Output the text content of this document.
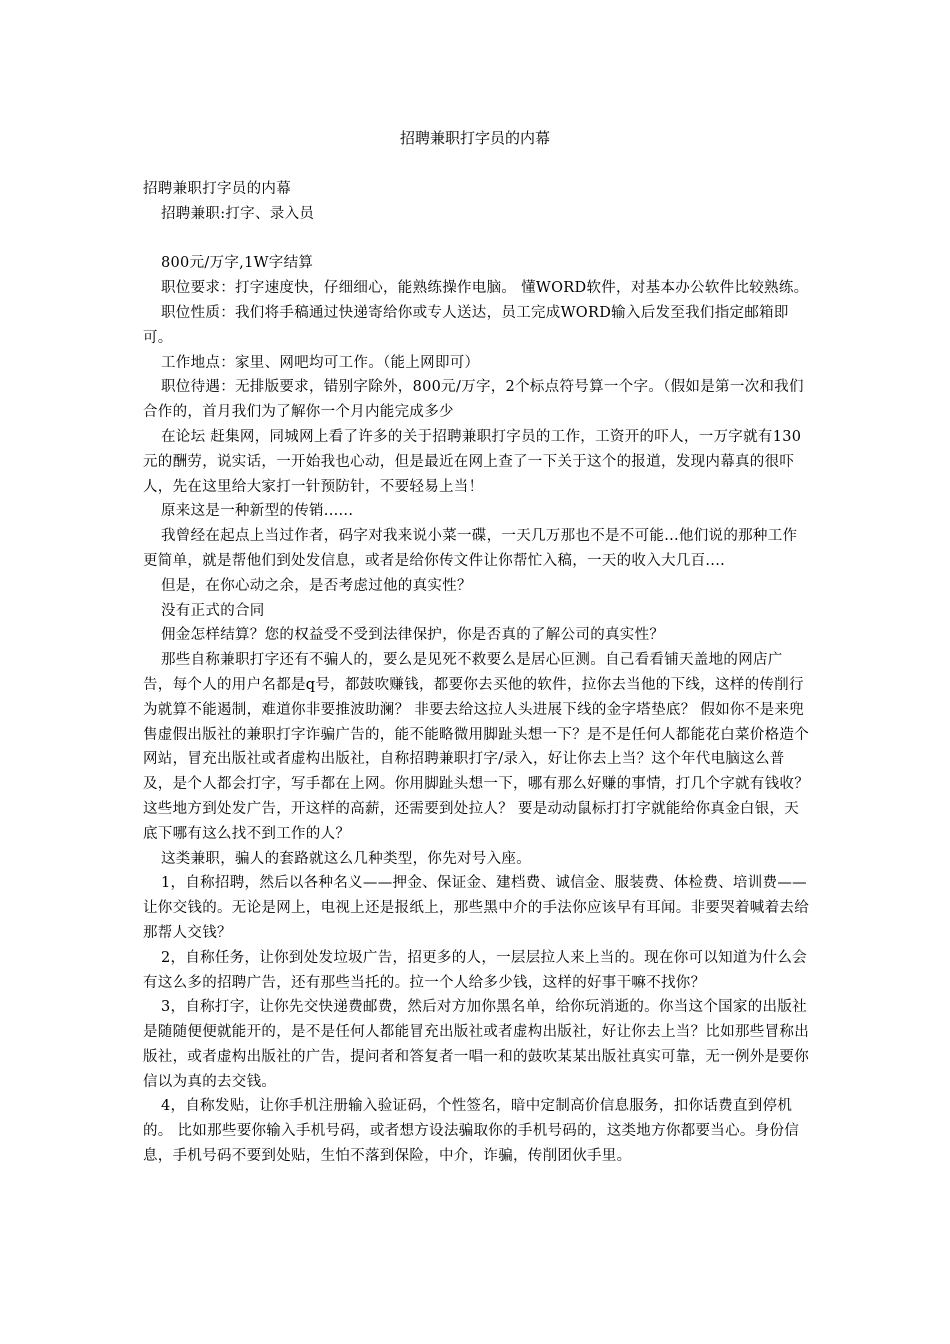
招聘兼职打字员的内幕

招聘兼职打字员的内幕

招聘兼职:打字、录入员

800元/万字,1W字结算

职位要求：打字速度快，仔细细心，能熟练操作电脑。 懂WORD软件，对基本办公软件比较熟练。

职位性质：我们将手稿通过快递寄给你或专人送达，员工完成WORD输入后发至我们指定邮箱即可。

工作地点：家里、网吧均可工作。（能上网即可）

职位待遇：无排版要求，错别字除外，800元/万字，2个标点符号算一个字。（假如是第一次和我们合作的，首月我们为了解你一个月内能完成多少

在论坛 赶集网，同城网上看了许多的关于招聘兼职打字员的工作，工资开的吓人，一万字就有130元的酬劳，说实话，一开始我也心动，但是最近在网上查了一下关于这个的报道，发现内幕真的很吓人，先在这里给大家打一针预防针，不要轻易上当！

原来这是一种新型的传销......

我曾经在起点上当过作者，码字对我来说小菜一碟，一天几万那也不是不可能...他们说的那种工作更简单，就是帮他们到处发信息，或者是给你传文件让你帮忙入稿，一天的收入大几百....

但是，在你心动之余，是否考虑过他的真实性？

没有正式的合同

佣金怎样结算？您的权益受不受到法律保护，你是否真的了解公司的真实性？

那些自称兼职打字还有不骗人的，要么是见死不救要么是居心叵测。自己看看铺天盖地的网店广告，每个人的用户名都是q号，都鼓吹赚钱，都要你去买他的软件，拉你去当他的下线，这样的传削行为就算不能遏制，难道你非要推波助澜？ 非要去给这拉人头进展下线的金字塔垫底？ 假如你不是来兜售虚假出版社的兼职打字诈骗广告的，能不能略微用脚趾头想一下？是不是任何人都能花白菜价格造个网站，冒充出版社或者虚构出版社，自称招聘兼职打字/录入，好让你去上当？这个年代电脑这么普及，是个人都会打字，写手都在上网。你用脚趾头想一下，哪有那么好赚的事情，打几个字就有钱收？这些地方到处发广告，开这样的高薪，还需要到处拉人？ 要是动动鼠标打打字就能给你真金白银，天底下哪有这么找不到工作的人？

这类兼职，骗人的套路就这么几种类型，你先对号入座。

1，自称招聘，然后以各种名义——押金、保证金、建档费、诚信金、服装费、体检费、培训费——让你交钱的。无论是网上，电视上还是报纸上，那些黑中介的手法你应该早有耳闻。非要哭着喊着去给那帮人交钱？

2，自称任务，让你到处发垃圾广告，招更多的人，一层层拉人来上当的。现在你可以知道为什么会有这么多的招聘广告，还有那些当托的。拉一个人给多少钱，这样的好事干嘛不找你？

3，自称打字，让你先交快递费邮费，然后对方加你黑名单，给你玩消逝的。你当这个国家的出版社是随随便便就能开的，是不是任何人都能冒充出版社或者虚构出版社，好让你去上当？比如那些冒称出版社，或者虚构出版社的广告，提问者和答复者一唱一和的鼓吹某某出版社真实可靠，无一例外是要你信以为真的去交钱。

4，自称发贴，让你手机注册输入验证码，个性签名，暗中定制高价信息服务，扣你话费直到停机的。 比如那些要你输入手机号码，或者想方设法骗取你的手机号码的，这类地方你都要当心。身份信息，手机号码不要到处贴，生怕不落到保险，中介，诈骗，传削团伙手里。
